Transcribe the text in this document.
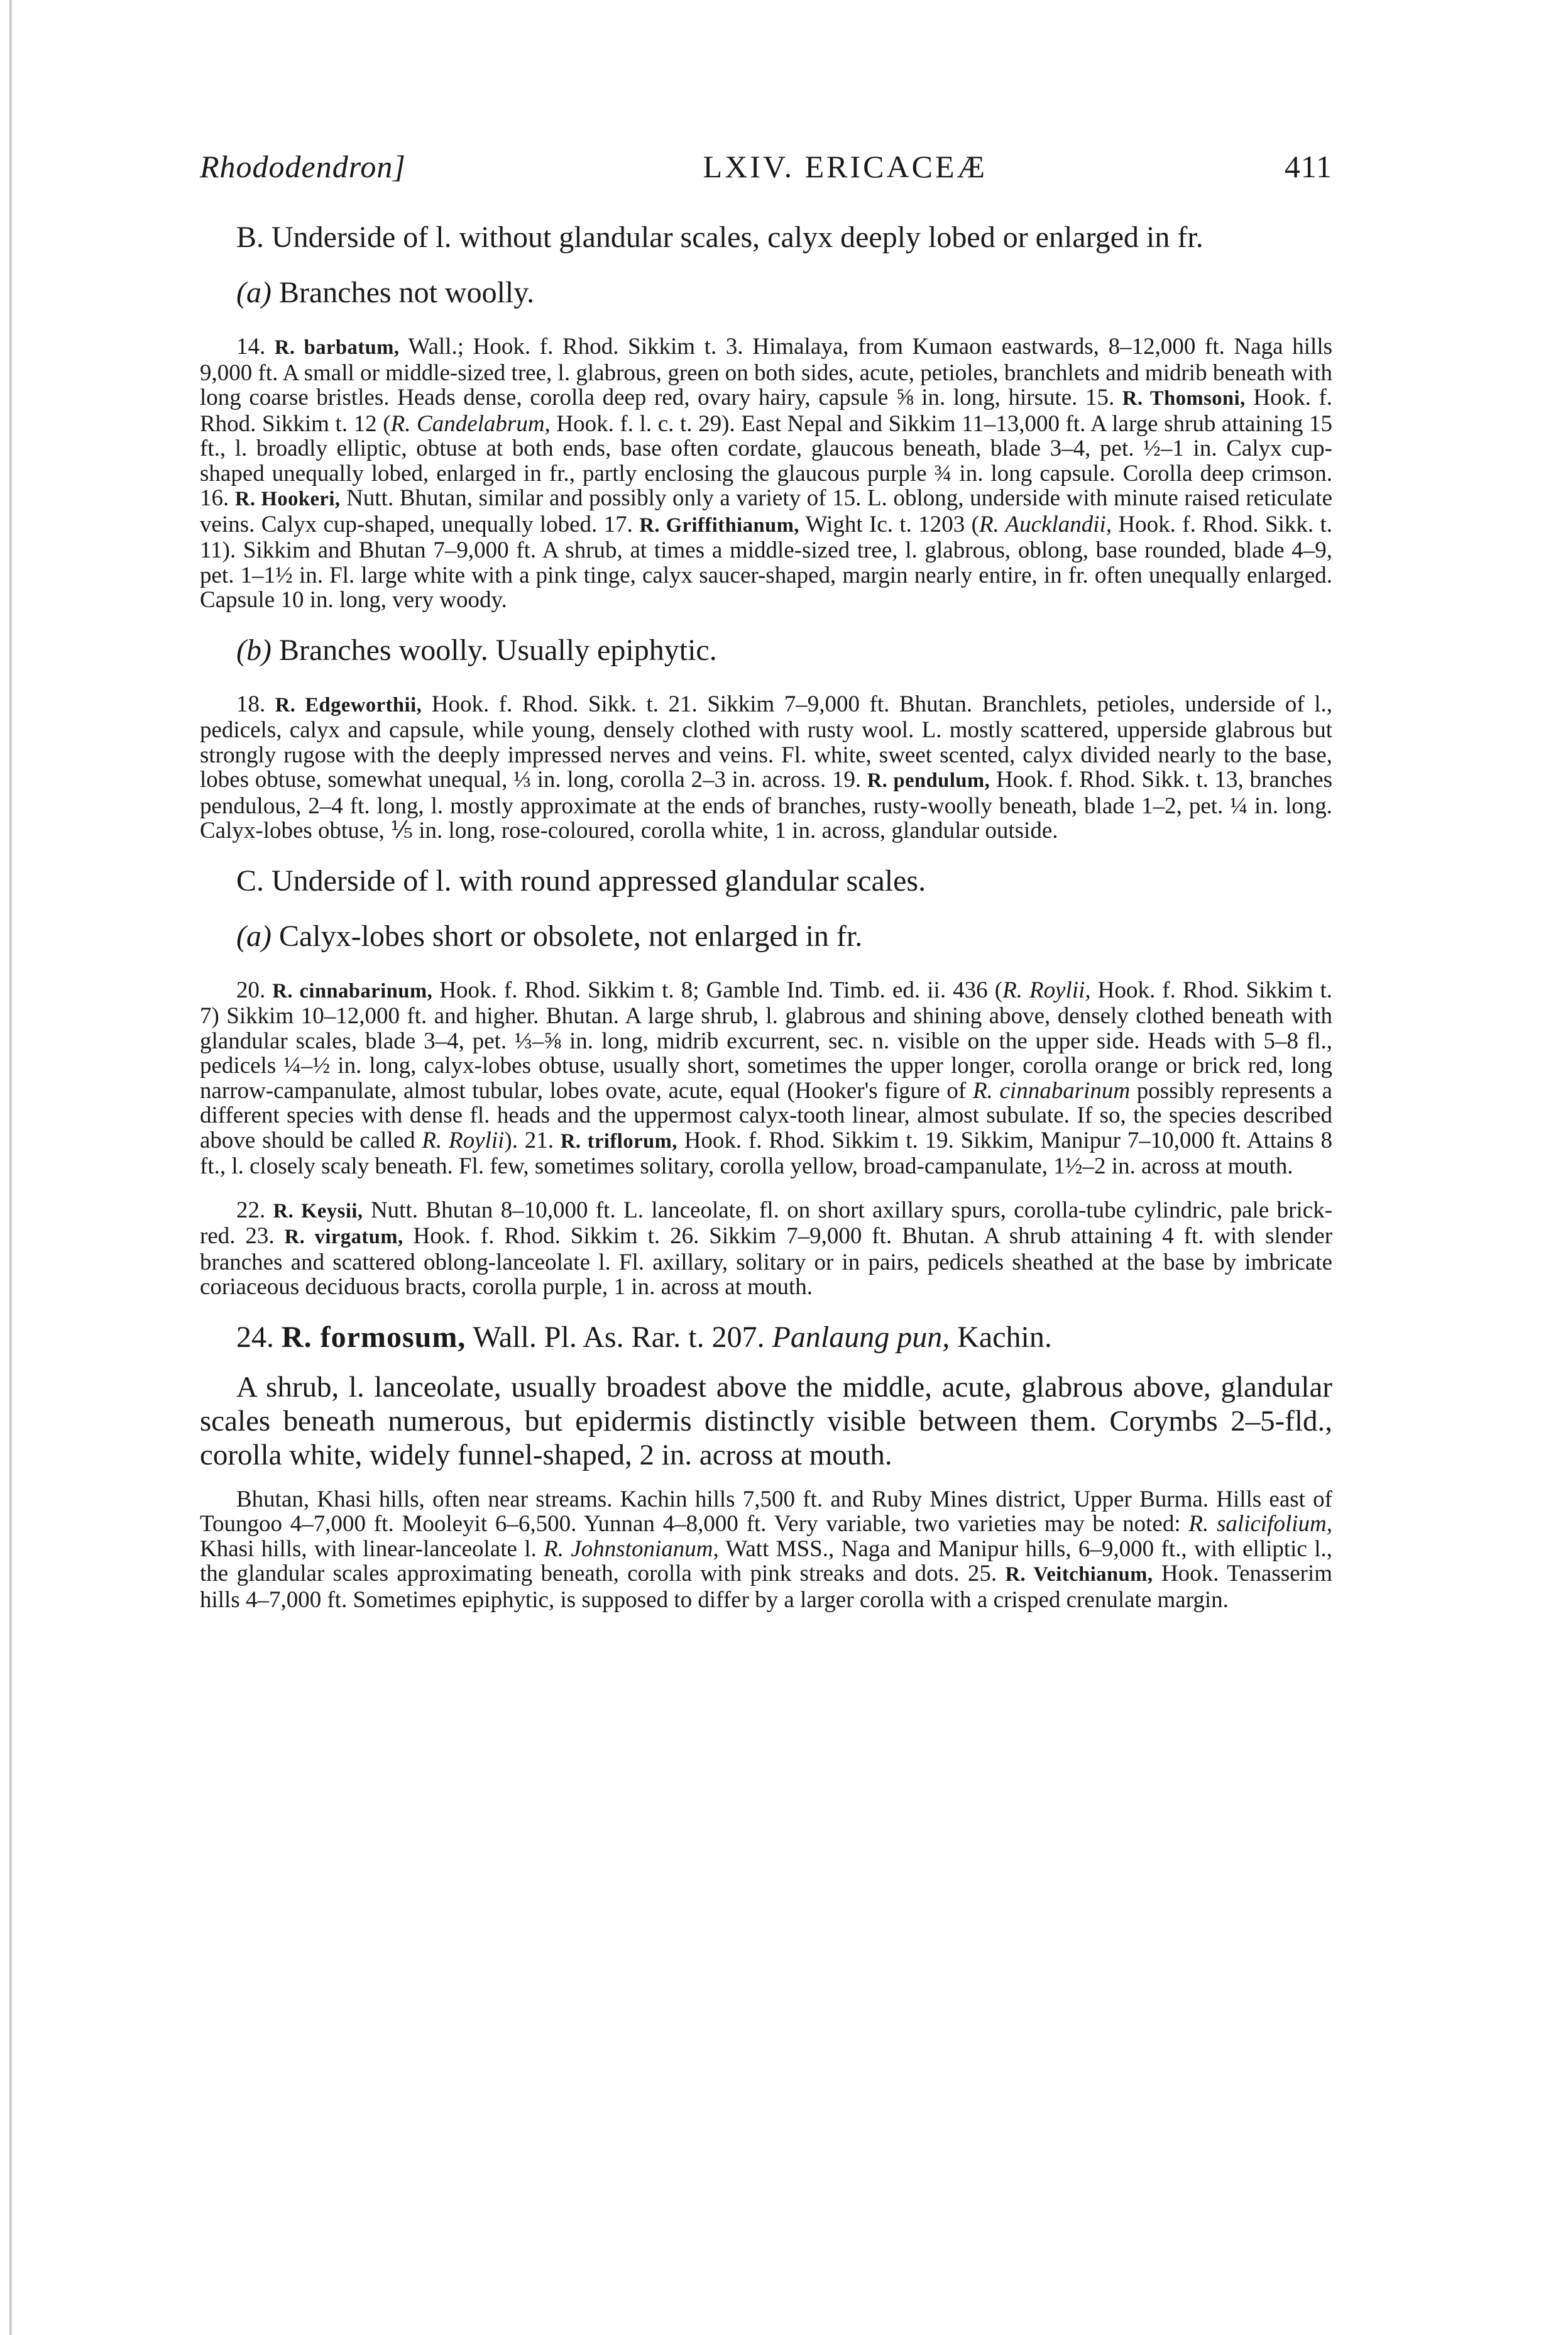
Rhododendron]	LXIV. ERICACEÆ	411

B. Underside of l. without glandular scales, calyx deeply lobed or enlarged in fr.

(a) Branches not woolly.

14. R. barbatum, Wall.; Hook. f. Rhod. Sikkim t. 3. Himalaya, from Kumaon eastwards, 8–12,000 ft. Naga hills 9,000 ft. A small or middle-sized tree, l. glabrous, green on both sides, acute, petioles, branchlets and midrib beneath with long coarse bristles. Heads dense, corolla deep red, ovary hairy, capsule ⅝ in. long, hirsute. 15. R. Thomsoni, Hook. f. Rhod. Sikkim t. 12 (R. Candelabrum, Hook. f. l. c. t. 29). East Nepal and Sikkim 11–13,000 ft. A large shrub attaining 15 ft., l. broadly elliptic, obtuse at both ends, base often cordate, glaucous beneath, blade 3–4, pet. ½–1 in. Calyx cup-shaped unequally lobed, enlarged in fr., partly enclosing the glaucous purple ¾ in. long capsule. Corolla deep crimson. 16. R. Hookeri, Nutt. Bhutan, similar and possibly only a variety of 15. L. oblong, underside with minute raised reticulate veins. Calyx cup-shaped, unequally lobed. 17. R. Griffithianum, Wight Ic. t. 1203 (R. Aucklandii, Hook. f. Rhod. Sikk. t. 11). Sikkim and Bhutan 7–9,000 ft. A shrub, at times a middle-sized tree, l. glabrous, oblong, base rounded, blade 4–9, pet. 1–1½ in. Fl. large white with a pink tinge, calyx saucer-shaped, margin nearly entire, in fr. often unequally enlarged. Capsule 10 in. long, very woody.

(b) Branches woolly. Usually epiphytic.

18. R. Edgeworthii, Hook. f. Rhod. Sikk. t. 21. Sikkim 7–9,000 ft. Bhutan. Branchlets, petioles, underside of l., pedicels, calyx and capsule, while young, densely clothed with rusty wool. L. mostly scattered, upperside glabrous but strongly rugose with the deeply impressed nerves and veins. Fl. white, sweet scented, calyx divided nearly to the base, lobes obtuse, somewhat unequal, ⅓ in. long, corolla 2–3 in. across. 19. R. pendulum, Hook. f. Rhod. Sikk. t. 13, branches pendulous, 2–4 ft. long, l. mostly approximate at the ends of branches, rusty-woolly beneath, blade 1–2, pet. ¼ in. long. Calyx-lobes obtuse, ⅕ in. long, rose-coloured, corolla white, 1 in. across, glandular outside.

C. Underside of l. with round appressed glandular scales.

(a) Calyx-lobes short or obsolete, not enlarged in fr.

20. R. cinnabarinum, Hook. f. Rhod. Sikkim t. 8; Gamble Ind. Timb. ed. ii. 436 (R. Roylii, Hook. f. Rhod. Sikkim t. 7) Sikkim 10–12,000 ft. and higher. Bhutan. A large shrub, l. glabrous and shining above, densely clothed beneath with glandular scales, blade 3–4, pet. ⅓–⅝ in. long, midrib excurrent, sec. n. visible on the upper side. Heads with 5–8 fl., pedicels ¼–½ in. long, calyx-lobes obtuse, usually short, sometimes the upper longer, corolla orange or brick red, long narrow-campanulate, almost tubular, lobes ovate, acute, equal (Hooker's figure of R. cinnabarinum possibly represents a different species with dense fl. heads and the uppermost calyx-tooth linear, almost subulate. If so, the species described above should be called R. Roylii). 21. R. triflorum, Hook. f. Rhod. Sikkim t. 19. Sikkim, Manipur 7–10,000 ft. Attains 8 ft., l. closely scaly beneath. Fl. few, sometimes solitary, corolla yellow, broad-campanulate, 1½–2 in. across at mouth.

22. R. Keysii, Nutt. Bhutan 8–10,000 ft. L. lanceolate, fl. on short axillary spurs, corolla-tube cylindric, pale brick-red. 23. R. virgatum, Hook. f. Rhod. Sikkim t. 26. Sikkim 7–9,000 ft. Bhutan. A shrub attaining 4 ft. with slender branches and scattered oblong-lanceolate l. Fl. axillary, solitary or in pairs, pedicels sheathed at the base by imbricate coriaceous deciduous bracts, corolla purple, 1 in. across at mouth.

24. R. formosum, Wall. Pl. As. Rar. t. 207. Panlaung pun, Kachin.

A shrub, l. lanceolate, usually broadest above the middle, acute, glabrous above, glandular scales beneath numerous, but epidermis distinctly visible between them. Corymbs 2–5-fld., corolla white, widely funnel-shaped, 2 in. across at mouth.

Bhutan, Khasi hills, often near streams. Kachin hills 7,500 ft. and Ruby Mines district, Upper Burma. Hills east of Toungoo 4–7,000 ft. Mooleyit 6–6,500. Yunnan 4–8,000 ft. Very variable, two varieties may be noted: R. salicifolium, Khasi hills, with linear-lanceolate l. R. Johnstonianum, Watt MSS., Naga and Manipur hills, 6–9,000 ft., with elliptic l., the glandular scales approximating beneath, corolla with pink streaks and dots. 25. R. Veitchianum, Hook. Tenasserim hills 4–7,000 ft. Sometimes epiphytic, is supposed to differ by a larger corolla with a crisped crenulate margin.
